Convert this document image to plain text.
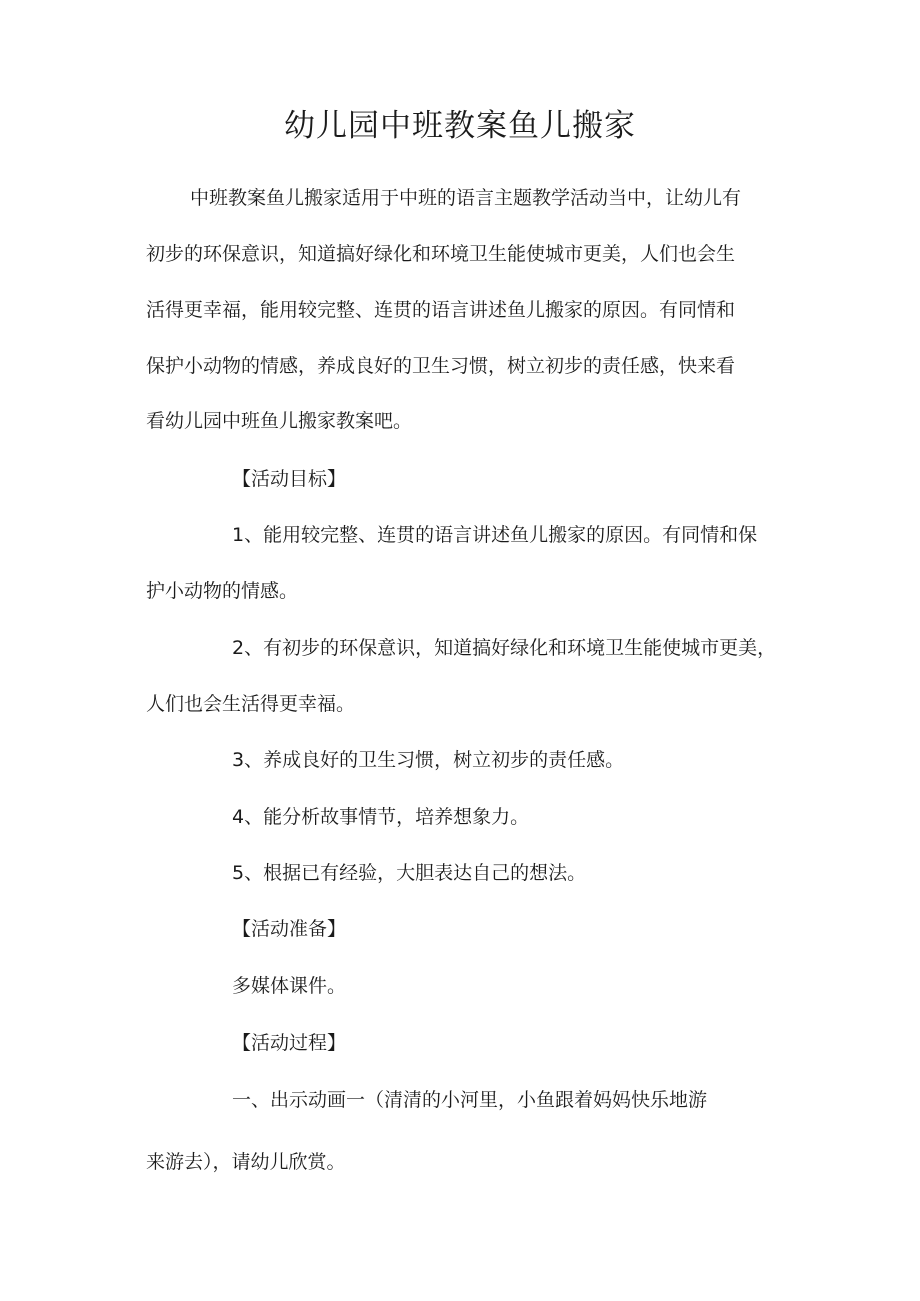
幼儿园中班教案鱼儿搬家

中班教案鱼儿搬家适用于中班的语言主题教学活动当中，让幼儿有

初步的环保意识，知道搞好绿化和环境卫生能使城市更美，人们也会生

活得更幸福，能用较完整、连贯的语言讲述鱼儿搬家的原因。有同情和

保护小动物的情感，养成良好的卫生习惯，树立初步的责任感，快来看

看幼儿园中班鱼儿搬家教案吧。

【活动目标】

1、能用较完整、连贯的语言讲述鱼儿搬家的原因。有同情和保

护小动物的情感。

2、有初步的环保意识，知道搞好绿化和环境卫生能使城市更美，

人们也会生活得更幸福。

3、养成良好的卫生习惯，树立初步的责任感。

4、能分析故事情节，培养想象力。

5、根据已有经验，大胆表达自己的想法。

【活动准备】

多媒体课件。

【活动过程】

一、出示动画一（清清的小河里，小鱼跟着妈妈快乐地游

来游去），请幼儿欣赏。
